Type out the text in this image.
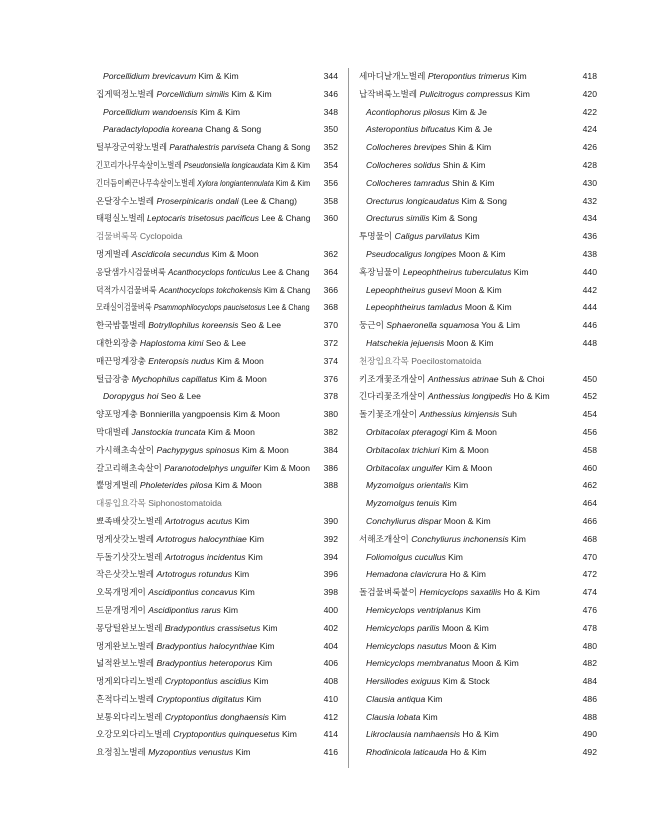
Porcellidium brevicavum Kim & Kim	344
집게떡정노벌레 Porcellidium similis Kim & Kim	346
Porcellidium wandoensis Kim & Kim	348
Paradactylopodia koreana Chang & Song	350
털부장군여왕노벌레 Parathalestris parviseta Chang & Song 352
긴꼬리가나무속살이노벌레 Pseudonsiella longicaudata Kim & Kim 354
긴더듬이뻐끈나무속살이노벌레 Xylora longiantennulata Kim & Kim 356
온달장수노벌레 Proserpinicaris ondali (Lee & Chang)	358
태평실노벌레 Leptocaris trisetosus pacificus Lee & Chang 360
검물벼룩목 Cyclopoida
멍게벌레 Ascidicola secundus Kim & Moon	362
옹달샘가시검물벼룩 Acanthocyclops fonticulus Lee & Chang 364
덕적가시검물벼룩 Acanthocyclops tokchokensis Kim & Chang 366
모래실이검물벼룩 Psammophilocyclops paucisetosus Lee & Chang 368
한국밤톨벌레 Botryllophilus koreensis Seo & Lee	370
대한외장충 Haplostoma kimi Seo & Lee	372
매끈멍게장충 Enteropsis nudus Kim & Moon	374
털급장충 Mychophilus capillatus Kim & Moon	376
Doropygus hoi Seo & Lee	378
양포멍게충 Bonnierilla yangpoensis Kim & Moon	380
막대벌레 Janstockia truncata Kim & Moon	382
가시해초속살이 Pachypygus spinosus Kim & Moon	384
갈고리해초속살이 Paranotodelphys unguifer Kim & Moon 386
뿔멍게벌레 Pholeterides pilosa Kim & Moon	388
대롱입요각목 Siphonostomatoida
뾰족배삿갓노벌레 Artotrogus acutus Kim	390
멍게삿갓노벌레 Artotrogus halocynthiae Kim	392
두돌기삿갓노벌레 Artotrogus incidentus Kim	394
작은삿갓노벌레 Artotrogus rotundus Kim	396
오목개멍게이 Ascidipontius concavus Kim	398
드문개멍게이 Ascidipontius rarus Kim	400
몽당털완보노벌레 Bradypontius crassisetus Kim	402
멍게완보노벌레 Bradypontius halocynthiae Kim	404
넓적완보노벌레 Bradypontius heteroporus Kim	406
멍게외다리노벌레 Cryptopontius ascidius Kim	408
흔적다리노벌레 Cryptopontius digitatus Kim	410
보통외다리노벌레 Cryptopontius donghaensis Kim	412
오강모외다리노벌레 Cryptopontius quinquesetus Kim	414
요정침노벌레 Myzopontius venustus Kim	416
세마디날개노벌레 Pteropontius trimerus Kim	418
납작벼룩노벌레 Pulicitrogus compressus Kim	420
Acontiophorus pilosus Kim & Je	422
Asteropontius bifucatus Kim & Je	424
Collocheres brevipes Shin & Kim	426
Collocheres solidus Shin & Kim	428
Collocheres tamradus Shin & Kim	430
Orecturus longicaudatus Kim & Song	432
Orecturus similis Kim & Song	434
투명물이 Caligus parvilatus Kim	436
Pseudocaligus longipes Moon & Kim	438
혹장님물이 Lepeophtheirus tuberculatus Kim	440
Lepeophtheirus gusevi Moon & Kim	442
Lepeophtheirus tamladus Moon & Kim	444
둥근이 Sphaeronella squamosa You & Lim	446
Hatschekia jejuensis Moon & Kim	448
천장입요각목 Poecilostomatoida
키조개꽃조개살이 Anthessius atrinae Suh & Choi	450
긴다리꽃조개살이 Anthessius longipedis Ho & Kim	452
돌기꽃조개살이 Anthessius kimjensis Suh	454
Orbitacolax pteragogi Kim & Moon	456
Orbitacolax trichiuri Kim & Moon	458
Orbitacolax unguifer Kim & Moon	460
Myzomolgus orientalis Kim	462
Myzomolgus tenuis Kim	464
Conchyliurus dispar Moon & Kim	466
서해조개살이 Conchyliurus inchonensis Kim	468
Foliomolgus cucullus Kim	470
Hemadona clavicrura Ho & Kim	472
돌검물벼룩붙이 Hemicyclops saxatilis Ho & Kim	474
Hemicyclops ventriplanus Kim	476
Hemicyclops parilis Moon & Kim	478
Hemicyclops nasutus Moon & Kim	480
Hemicyclops membranatus Moon & Kim	482
Hersiliodes exiguus Kim & Stock	484
Clausia antiqua Kim	486
Clausia lobata Kim	488
Likroclausia namhaensis Ho & Kim	490
Rhodinicola laticauda Ho & Kim	492
